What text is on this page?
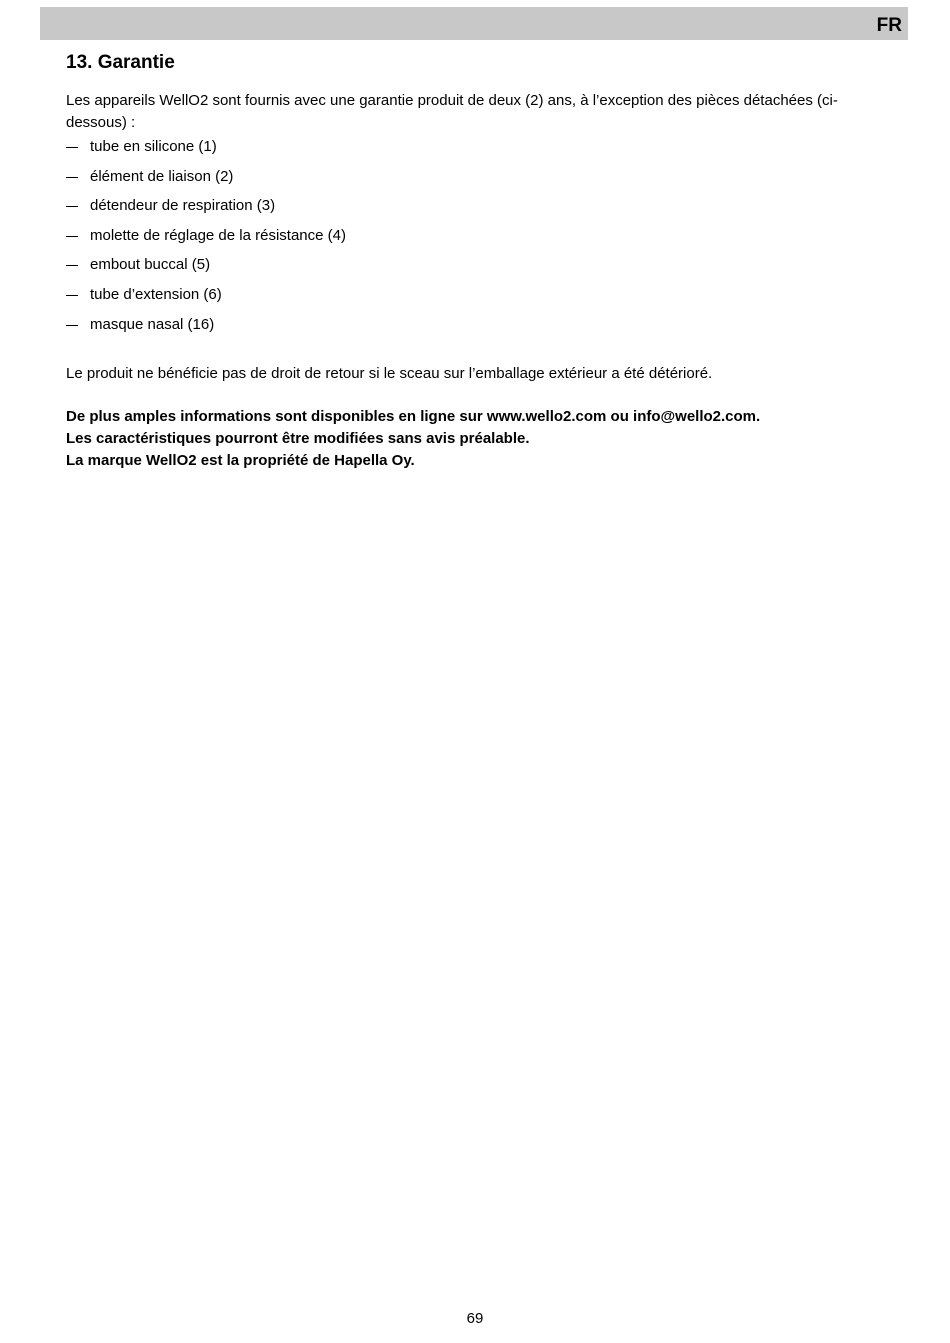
FR
13. Garantie

Les appareils WellO2 sont fournis avec une garantie produit de deux (2) ans, à l’exception des pièces détachées (ci-dessous) :

tube en silicone (1)
élément de liaison (2)
détendeur de respiration (3)
molette de réglage de la résistance (4)
embout buccal (5)
tube d’extension (6)
masque nasal (16)

Le produit ne bénéficie pas de droit de retour si le sceau sur l’emballage extérieur a été détérioré.

De plus amples informations sont disponibles en ligne sur www.wello2.com ou info@wello2.com.
Les caractéristiques pourront être modifiées sans avis préalable.
La marque WellO2 est la propriété de Hapella Oy.
69
